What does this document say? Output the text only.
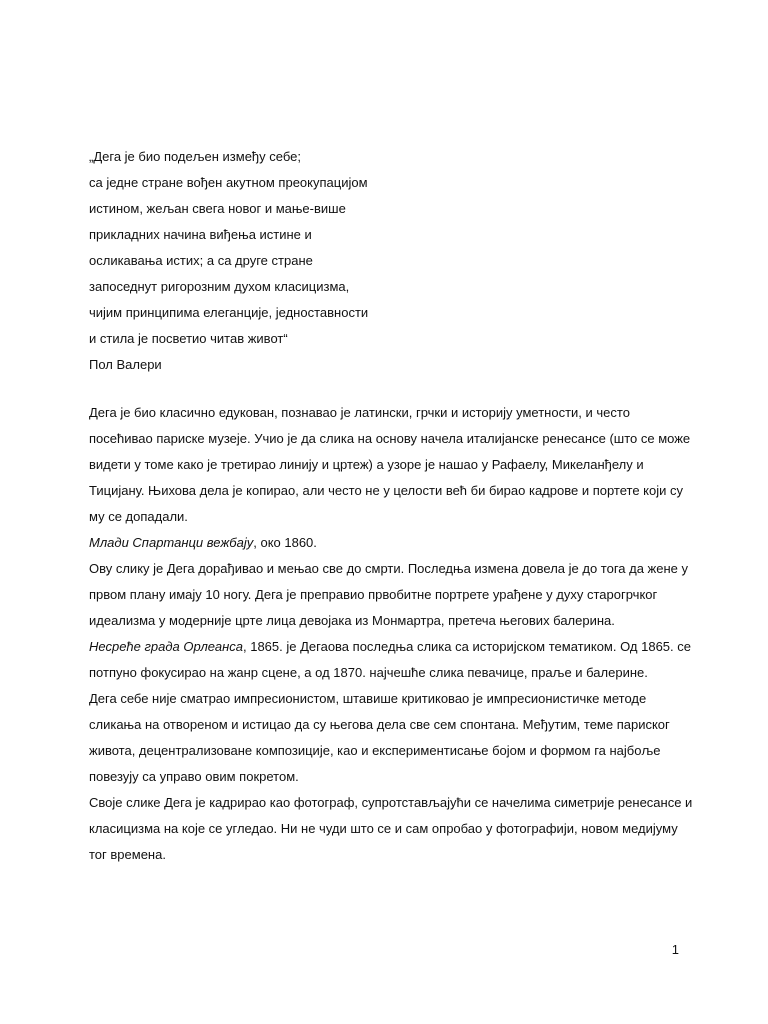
„Дега је био подељен између себе;
са једне стране вођен акутном преокупацијом
истином, жељан свега новог и мање-више
прикладних начина виђења истине и
осликавања истих; а са друге стране
запоседнут ригорозним духом класицизма,
чијим принципима елеганције, једноставности
и стила је посветио читав живот“
Пол Валери
Дега је био класично едукован, познавао је латински, грчки и историју уметности, и често
посећивао париске музеје. Учио је да слика на основу начела италијанске ренесансе (што се може
видети у томе како је третирао линију и цртеж) а узоре је нашао у Рафаелу, Микеланђелу и
Тицијану. Њихова дела је копирао, али често не у целости већ би бирао кадрове и портете који су
му се допадали.
Млади Спартанци вежбају, око 1860.
Ову слику је Дега дорађивао и мењао све до смрти. Последња измена довела је до тога да жене у
првом плану имају 10 ногу. Дега је преправио првобитне портрете урађене у духу старогрчког
идеализма у модерније цртe лица девојака из Монмартра, претеча његових балерина.
Несреће града Орлеанса, 1865. је Дегаова последња слика са историјском тематиком. Од 1865. се
потпуно фокусирао на жанр сцене, а од 1870. најчешће слика певачице, праље и балерине.
Дега себе није сматрао импресионистом, штавише критиковао је импресионистичке методе
сликања на отвореном и истицао да су његова дела све сем спонтана. Међутим, теме париског
живота, децентрализоване композиције, као и експериментисање бојом и формом га најбоље
повезују са управо овим покретом.
Своје слике Дега је кадрирао као фотограф, супротстављајући се начелима симетрије ренесансе и
класицизма на које се угледао. Ни не чуди што се и сам опробао у фотографији, новом медијуму
тог времена.
1
